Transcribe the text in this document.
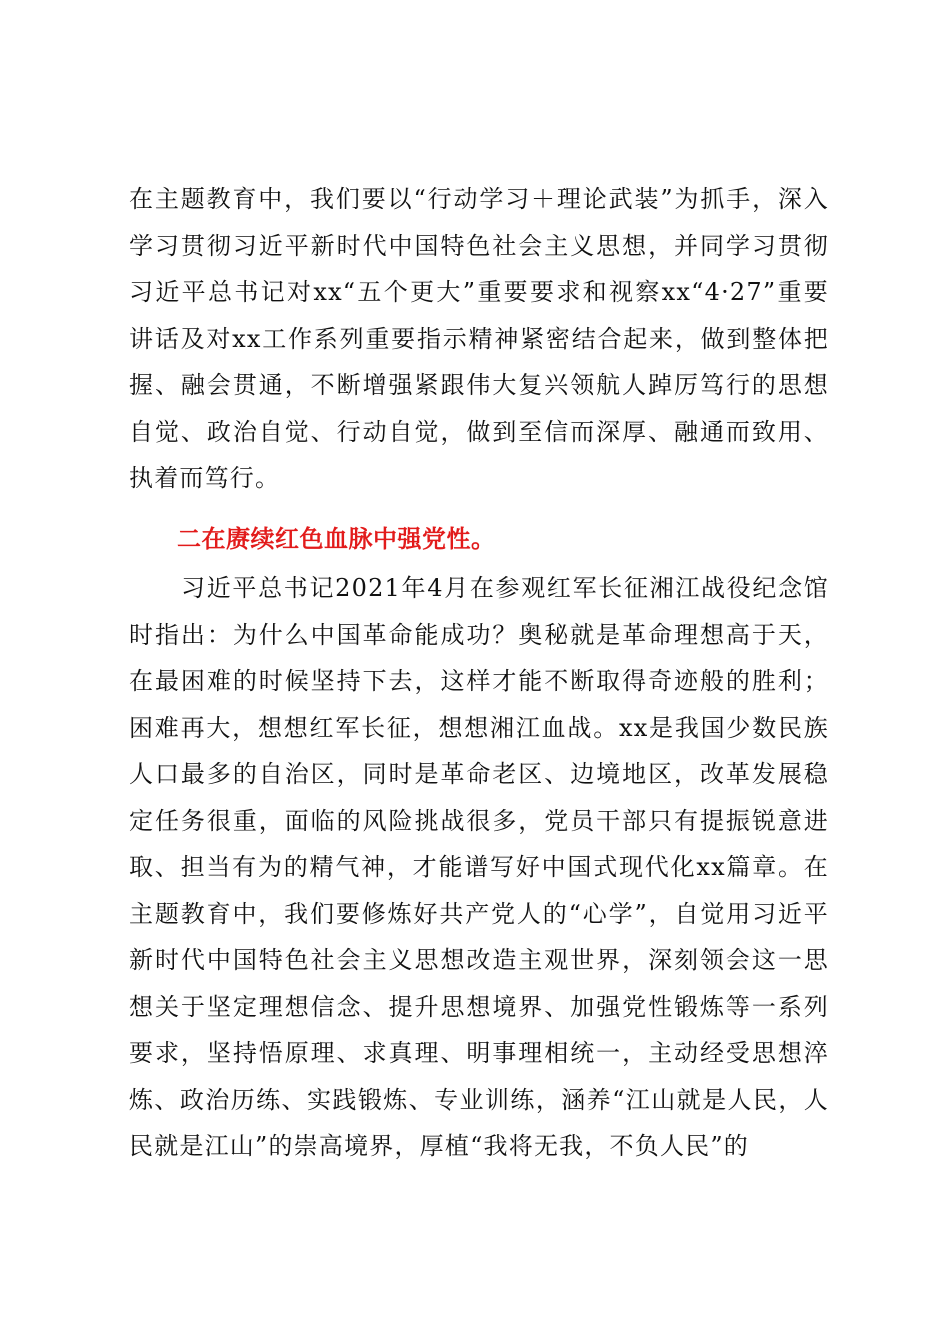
在主题教育中，我们要以“行动学习＋理论武装”为抓手，深入学习贯彻习近平新时代中国特色社会主义思想，并同学习贯彻习近平总书记对xx“五个更大”重要要求和视察xx“4·27”重要讲话及对xx工作系列重要指示精神紧密结合起来，做到整体把握、融会贯通，不断增强紧跟伟大复兴领航人踔厉笃行的思想自觉、政治自觉、行动自觉，做到至信而深厚、融通而致用、执着而笃行。

二在赓续红色血脉中强党性。

习近平总书记2021年4月在参观红军长征湘江战役纪念馆时指出：为什么中国革命能成功？奥秘就是革命理想高于天，在最困难的时候坚持下去，这样才能不断取得奇迹般的胜利；困难再大，想想红军长征，想想湘江血战。xx是我国少数民族人口最多的自治区，同时是革命老区、边境地区，改革发展稳定任务很重，面临的风险挑战很多，党员干部只有提振锐意进取、担当有为的精气神，才能谱写好中国式现代化xx篇章。在主题教育中，我们要修炼好共产党人的“心学”，自觉用习近平新时代中国特色社会主义思想改造主观世界，深刻领会这一思想关于坚定理想信念、提升思想境界、加强党性锻炼等一系列要求，坚持悟原理、求真理、明事理相统一，主动经受思想淬炼、政治历练、实践锻炼、专业训练，涵养“江山就是人民，人民就是江山”的崇高境界，厚植“我将无我，不负人民”的
